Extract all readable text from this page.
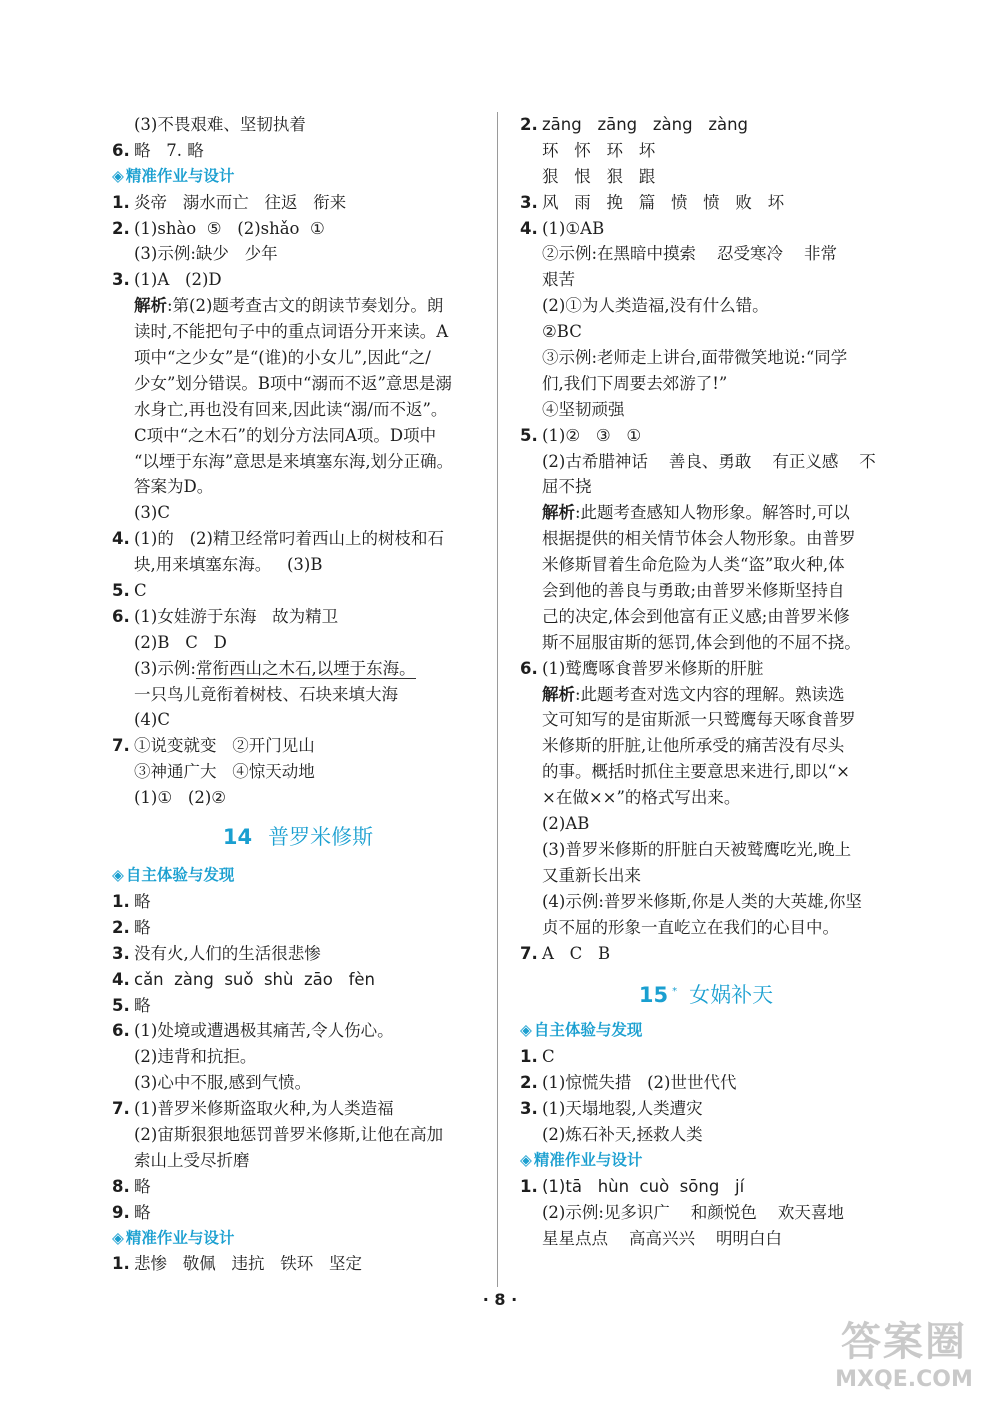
(3)不畏艰难、坚韧执着
6. 略   7. 略
◈ 精准作业与设计
1. 炎帝   溺水而亡   往返   衔来
2. (1)shào  ⑤   (2)shǎo  ①
(3)示例:缺少   少年
3. (1)A   (2)D
解析:第(2)题考查古文的朗读节奏划分。朗
读时,不能把句子中的重点词语分开来读。A
项中“之少女”是“(谁)的小女儿”,因此“之/
少女”划分错误。B项中“溺而不返”意思是溺
水身亡,再也没有回来,因此读“溺/而不返”。
C项中“之木石”的划分方法同A项。D项中
“以堙于东海”意思是来填塞东海,划分正确。
答案为D。
(3)C
4. (1)的   (2)精卫经常叼着西山上的树枝和石
块,用来填塞东海。   (3)B
5. C
6. (1)女娃游于东海   故为精卫
(2)B   C   D
(3)示例:常衔西山之木石,以堙于东海。
一只鸟儿竟衔着树枝、石块来填大海
(4)C
7. ①说变就变   ②开门见山
③神通广大   ④惊天动地
(1)①   (2)②
14 普罗米修斯
◈ 自主体验与发现
1. 略
2. 略
3. 没有火,人们的生活很悲惨
4. cǎn  zàng  suǒ  shù  zāo   fèn
5. 略
6. (1)处境或遭遇极其痛苦,令人伤心。
(2)违背和抗拒。
(3)心中不服,感到气愤。
7. (1)普罗米修斯盗取火种,为人类造福
(2)宙斯狠狠地惩罚普罗米修斯,让他在高加
索山上受尽折磨
8. 略
9. 略
◈ 精准作业与设计
1. 悲惨   敬佩   违抗   铁环   坚定
2. zāng   zāng   zàng   zàng
环   怀   环   坏
狠   恨   狠   跟
3. 风   雨   挽   篇   愤   愤   败   坏
4. (1)①AB
②示例:在黑暗中摸索    忍受寒冷    非常
艰苦
(2)①为人类造福,没有什么错。
②BC
③示例:老师走上讲台,面带微笑地说:“同学
们,我们下周要去郊游了!”
④坚韧顽强
5. (1)②   ③   ①
(2)古希腊神话    善良、勇敢    有正义感    不
屈不挠
解析:此题考查感知人物形象。解答时,可以
根据提供的相关情节体会人物形象。由普罗
米修斯冒着生命危险为人类“盗”取火种,体
会到他的善良与勇敢;由普罗米修斯坚持自
己的决定,体会到他富有正义感;由普罗米修
斯不屈服宙斯的惩罚,体会到他的不屈不挠。
6. (1)鹫鹰啄食普罗米修斯的肝脏
解析:此题考查对选文内容的理解。熟读选
文可知写的是宙斯派一只鹫鹰每天啄食普罗
米修斯的肝脏,让他所承受的痛苦没有尽头
的事。概括时抓住主要意思来进行,即以“×
×在做××”的格式写出来。
(2)AB
(3)普罗米修斯的肝脏白天被鹫鹰吃光,晚上
又重新长出来
(4)示例:普罗米修斯,你是人类的大英雄,你坚
贞不屈的形象一直屹立在我们的心目中。
7. A   C   B
15 * 女娲补天
◈ 自主体验与发现
1. C
2. (1)惊慌失措   (2)世世代代
3. (1)天塌地裂,人类遭灾
(2)炼石补天,拯救人类
◈ 精准作业与设计
1. (1)tā   hùn  cuò  sōng   jí
(2)示例:见多识广    和颜悦色    欢天喜地
星星点点    高高兴兴    明明白白
· 8 ·
答案圈
MXQE.COM
